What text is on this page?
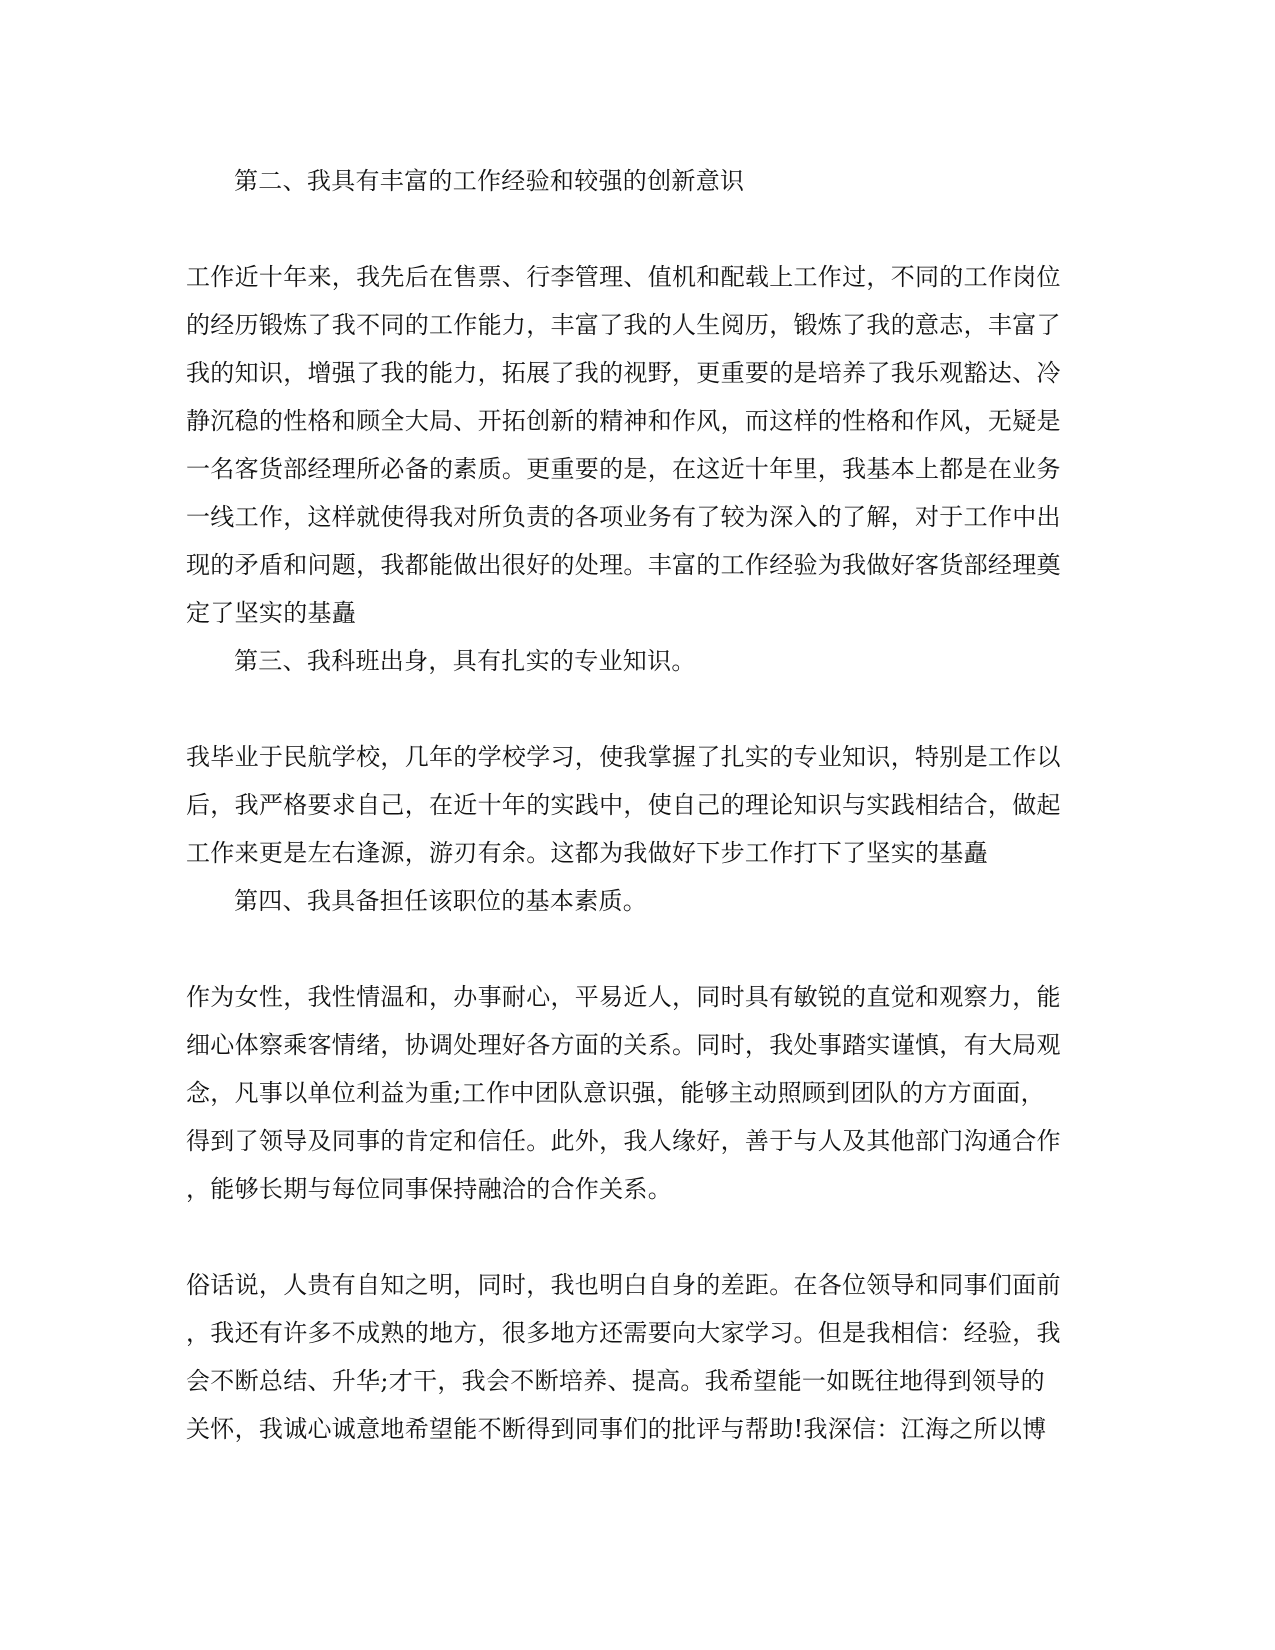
第二、我具有丰富的工作经验和较强的创新意识
工作近十年来，我先后在售票、行李管理、值机和配载上工作过，不同的工作岗位
的经历锻炼了我不同的工作能力，丰富了我的人生阅历，锻炼了我的意志，丰富了
我的知识，增强了我的能力，拓展了我的视野，更重要的是培养了我乐观豁达、冷
静沉稳的性格和顾全大局、开拓创新的精神和作风，而这样的性格和作风，无疑是
一名客货部经理所必备的素质。更重要的是，在这近十年里，我基本上都是在业务
一线工作，这样就使得我对所负责的各项业务有了较为深入的了解，对于工作中出
现的矛盾和问题，我都能做出很好的处理。丰富的工作经验为我做好客货部经理奠
定了坚实的基矗
第三、我科班出身，具有扎实的专业知识。
我毕业于民航学校，几年的学校学习，使我掌握了扎实的专业知识，特别是工作以
后，我严格要求自己，在近十年的实践中，使自己的理论知识与实践相结合，做起
工作来更是左右逢源，游刃有余。这都为我做好下步工作打下了坚实的基矗
第四、我具备担任该职位的基本素质。
作为女性，我性情温和，办事耐心，平易近人，同时具有敏锐的直觉和观察力，能
细心体察乘客情绪，协调处理好各方面的关系。同时，我处事踏实谨慎，有大局观
念，凡事以单位利益为重;工作中团队意识强，能够主动照顾到团队的方方面面，
得到了领导及同事的肯定和信任。此外，我人缘好，善于与人及其他部门沟通合作
，能够长期与每位同事保持融洽的合作关系。
俗话说，人贵有自知之明，同时，我也明白自身的差距。在各位领导和同事们面前
，我还有许多不成熟的地方，很多地方还需要向大家学习。但是我相信：经验，我
会不断总结、升华;才干，我会不断培养、提高。我希望能一如既往地得到领导的
关怀，我诚心诚意地希望能不断得到同事们的批评与帮助!我深信：江海之所以博
